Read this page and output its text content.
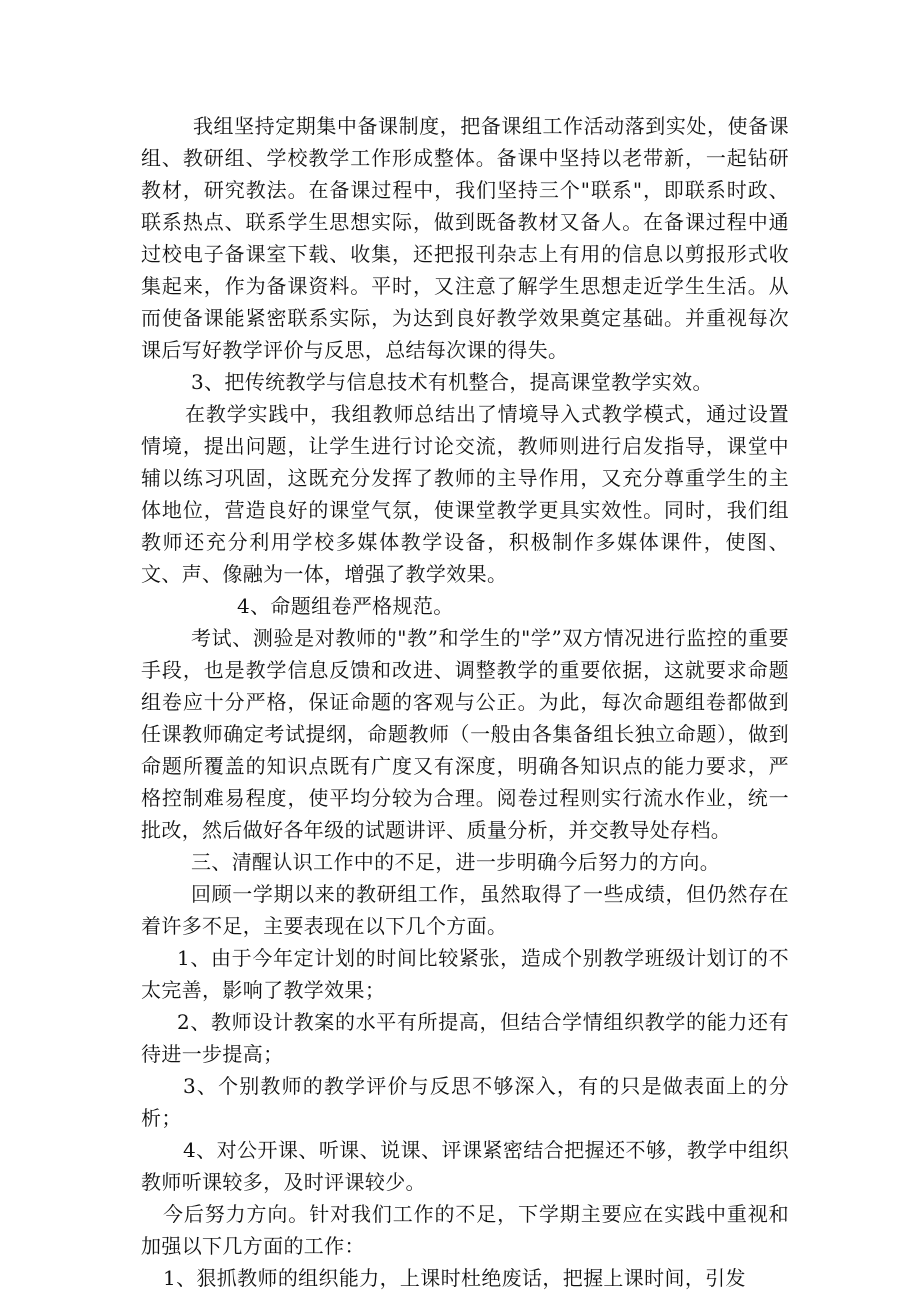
我组坚持定期集中备课制度，把备课组工作活动落到实处，使备课组、教研组、学校教学工作形成整体。备课中坚持以老带新，一起钻研教材，研究教法。在备课过程中，我们坚持三个"联系"，即联系时政、联系热点、联系学生思想实际，做到既备教材又备人。在备课过程中通过校电子备课室下载、收集，还把报刊杂志上有用的信息以剪报形式收集起来，作为备课资料。平时，又注意了解学生思想走近学生生活。从而使备课能紧密联系实际，为达到良好教学效果奠定基础。并重视每次课后写好教学评价与反思，总结每次课的得失。

3、把传统教学与信息技术有机整合，提高课堂教学实效。

在教学实践中，我组教师总结出了情境导入式教学模式，通过设置情境，提出问题，让学生进行讨论交流，教师则进行启发指导，课堂中辅以练习巩固，这既充分发挥了教师的主导作用，又充分尊重学生的主体地位，营造良好的课堂气氛，使课堂教学更具实效性。同时，我们组教师还充分利用学校多媒体教学设备，积极制作多媒体课件，使图、文、声、像融为一体，增强了教学效果。

4、命题组卷严格规范。

考试、测验是对教师的"教”和学生的"学”双方情况进行监控的重要手段，也是教学信息反馈和改进、调整教学的重要依据，这就要求命题组卷应十分严格，保证命题的客观与公正。为此，每次命题组卷都做到任课教师确定考试提纲，命题教师（一般由各集备组长独立命题），做到命题所覆盖的知识点既有广度又有深度，明确各知识点的能力要求，严格控制难易程度，使平均分较为合理。阅卷过程则实行流水作业，统一批改，然后做好各年级的试题讲评、质量分析，并交教导处存档。

三、清醒认识工作中的不足，进一步明确今后努力的方向。

回顾一学期以来的教研组工作，虽然取得了一些成绩，但仍然存在着许多不足，主要表现在以下几个方面。

1、由于今年定计划的时间比较紧张，造成个别教学班级计划订的不太完善，影响了教学效果；

2、教师设计教案的水平有所提高，但结合学情组织教学的能力还有待进一步提高；

3、个别教师的教学评价与反思不够深入，有的只是做表面上的分析；

4、对公开课、听课、说课、评课紧密结合把握还不够，教学中组织教师听课较多，及时评课较少。

今后努力方向。针对我们工作的不足，下学期主要应在实践中重视和加强以下几方面的工作：

1、狠抓教师的组织能力，上课时杜绝废话，把握上课时间，引发
